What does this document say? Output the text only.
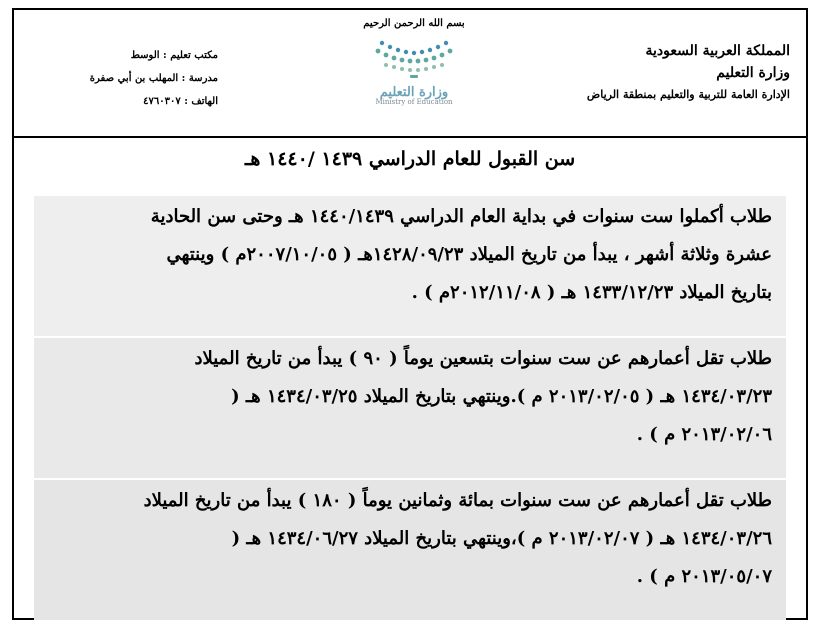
المملكة العربية السعودية
وزارة التعليم
الإدارة العامة للتربية والتعليم بمنطقة الرياض
بسم الله الرحمن الرحيم
وزارة التعليم
Ministry of Education
مكتب تعليم : الوسط
مدرسة : المهلب بن أبي صفرة
الهاتف : ٤٧٦٠٣٠٧
سن القبول للعام الدراسي ١٤٣٩ /١٤٤٠ هـ
طلاب أكملوا ست سنوات في بداية العام الدراسي ١٤٤٠/١٤٣٩ هـ وحتى سن الحادية
عشرة وثلاثة أشهر ، يبدأ من تاريخ الميلاد ١٤٢٨/٠٩/٢٣هـ ( ٢٠٠٧/١٠/٠٥م ) وينتهي
بتاريخ الميلاد ١٤٣٣/١٢/٢٣ هـ ( ٢٠١٢/١١/٠٨م ) .
طلاب تقل أعمارهم عن ست سنوات بتسعين يوماً ( ٩٠ ) يبدأ من تاريخ الميلاد
١٤٣٤/٠٣/٢٣ هـ ( ٢٠١٣/٠٢/٠٥ م ).وينتهي بتاريخ الميلاد ١٤٣٤/٠٣/٢٥ هـ (
٢٠١٣/٠٢/٠٦ م ) .
طلاب تقل أعمارهم عن ست سنوات بمائة وثمانين يوماً ( ١٨٠ ) يبدأ من تاريخ الميلاد
١٤٣٤/٠٣/٢٦ هـ ( ٢٠١٣/٠٢/٠٧ م )،وينتهي بتاريخ الميلاد ١٤٣٤/٠٦/٢٧ هـ (
٢٠١٣/٠٥/٠٧ م ) .
